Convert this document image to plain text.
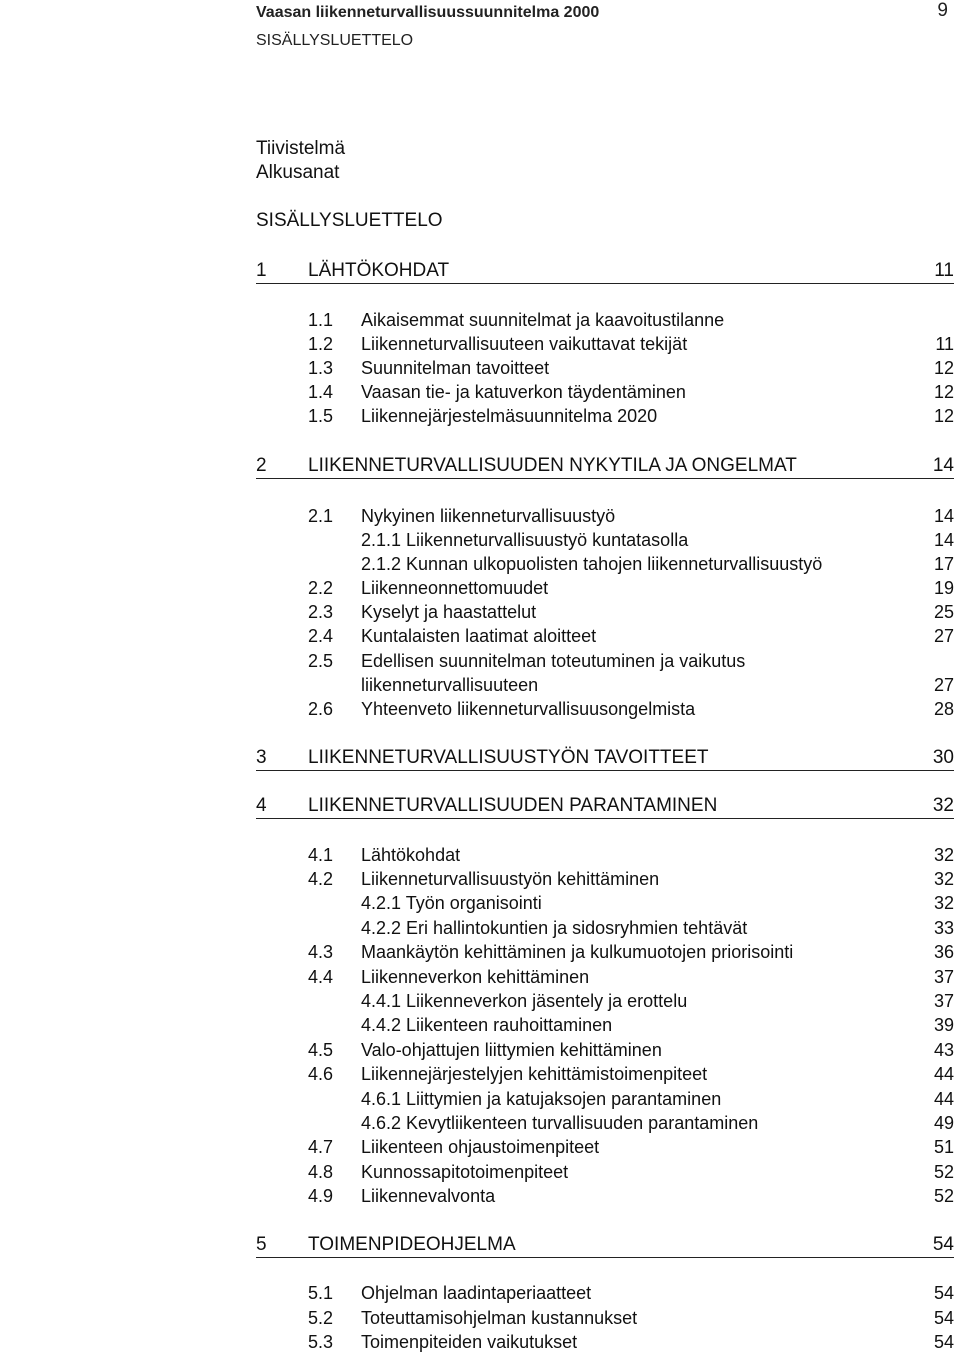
Vaasan liikenneturvallisuussuunnitelma 2000
SISÄLLYSLUETTELO
9
Tiivistelmä
Alkusanat
SISÄLLYSLUETTELO
1 LÄHTÖKOHDAT	11
1.1 Aikaisemmat suunnitelmat ja kaavoitustilanne
1.2 Liikenneturvallisuuteen vaikuttavat tekijät	11
1.3 Suunnitelman tavoitteet	12
1.4 Vaasan tie- ja katuverkon täydentäminen	12
1.5 Liikennejärjestelmäsuunnitelma 2020	12
2 LIIKENNETURVALLISUUDEN NYKYTILA JA ONGELMAT	14
2.1 Nykyinen liikenneturvallisuustyö	14
2.1.1 Liikenneturvallisuustyö kuntatasolla	14
2.1.2 Kunnan ulkopuolisten tahojen liikenneturvallisuustyö	17
2.2 Liikenneonnettomuudet	19
2.3 Kyselyt ja haastattelut	25
2.4 Kuntalaisten laatimat aloitteet	27
2.5 Edellisen suunnitelman toteutuminen ja vaikutus
liikenneturvallisuuteen	27
2.6 Yhteenveto liikenneturvallisuusongelmista	28
3 LIIKENNETURVALLISUUSTYÖN TAVOITTEET	30
4 LIIKENNETURVALLISUUDEN PARANTAMINEN	32
4.1 Lähtökohdat	32
4.2 Liikenneturvallisuustyön kehittäminen	32
4.2.1 Työn organisointi	32
4.2.2 Eri hallintokuntien ja sidosryhmien tehtävät	33
4.3 Maankäytön kehittäminen ja kulkumuotojen priorisointi	36
4.4 Liikenneverkon kehittäminen	37
4.4.1 Liikenneverkon jäsentely ja erottelu	37
4.4.2 Liikenteen rauhoittaminen	39
4.5 Valo-ohjattujen liittymien kehittäminen	43
4.6 Liikennejärjestelyjen kehittämistoimenpiteet	44
4.6.1 Liittymien ja katujaksojen parantaminen	44
4.6.2 Kevytliikenteen turvallisuuden parantaminen	49
4.7 Liikenteen ohjaustoimenpiteet	51
4.8 Kunnossapitotoimenpiteet	52
4.9 Liikennevalvonta	52
5 TOIMENPIDEOHJELMA	54
5.1 Ohjelman laadintaperiaatteet	54
5.2 Toteuttamisohjelman kustannukset	54
5.3 Toimenpiteiden vaikutukset	54
